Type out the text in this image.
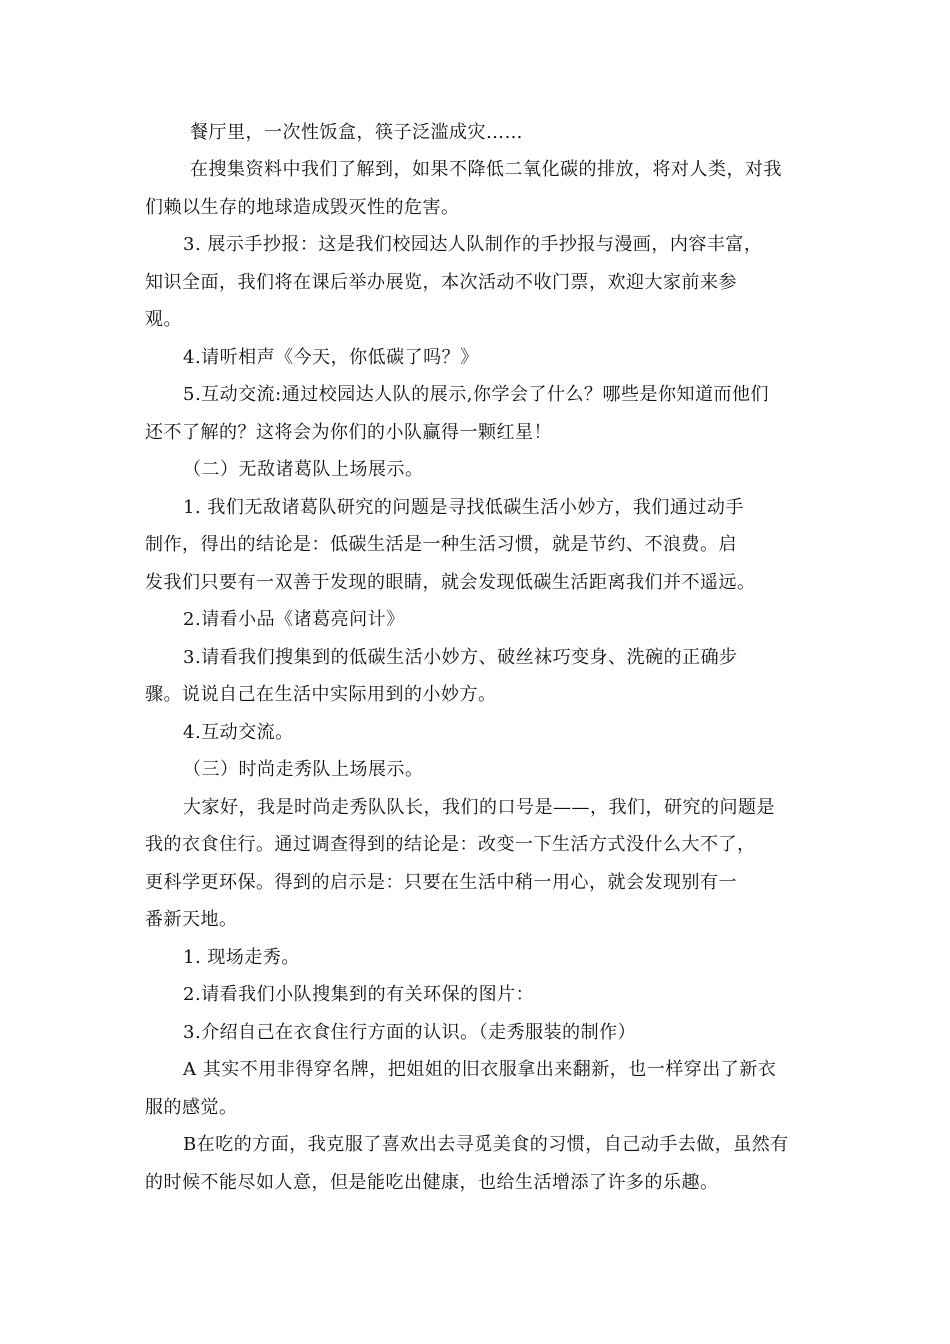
餐厅里，一次性饭盒，筷子泛滥成灾……
在搜集资料中我们了解到，如果不降低二氧化碳的排放，将对人类，对我
们赖以生存的地球造成毁灭性的危害。
3. 展示手抄报：这是我们校园达人队制作的手抄报与漫画，内容丰富，
知识全面，我们将在课后举办展览，本次活动不收门票，欢迎大家前来参
观。
4.请听相声《今天，你低碳了吗？》
5.互动交流:通过校园达人队的展示,你学会了什么？哪些是你知道而他们
还不了解的？这将会为你们的小队赢得一颗红星！
（二）无敌诸葛队上场展示。
1. 我们无敌诸葛队研究的问题是寻找低碳生活小妙方，我们通过动手
制作，得出的结论是：低碳生活是一种生活习惯，就是节约、不浪费。启
发我们只要有一双善于发现的眼睛，就会发现低碳生活距离我们并不遥远。
2.请看小品《诸葛亮问计》
3.请看我们搜集到的低碳生活小妙方、破丝袜巧变身、洗碗的正确步
骤。说说自己在生活中实际用到的小妙方。
4.互动交流。
（三）时尚走秀队上场展示。
大家好，我是时尚走秀队队长，我们的口号是——，我们，研究的问题是
我的衣食住行。通过调查得到的结论是：改变一下生活方式没什么大不了，
更科学更环保。得到的启示是：只要在生活中稍一用心，就会发现别有一
番新天地。
1. 现场走秀。
2.请看我们小队搜集到的有关环保的图片：
3.介绍自己在衣食住行方面的认识。（走秀服装的制作）
A 其实不用非得穿名牌，把姐姐的旧衣服拿出来翻新，也一样穿出了新衣
服的感觉。
B在吃的方面，我克服了喜欢出去寻觅美食的习惯，自己动手去做，虽然有
的时候不能尽如人意，但是能吃出健康，也给生活增添了许多的乐趣。
